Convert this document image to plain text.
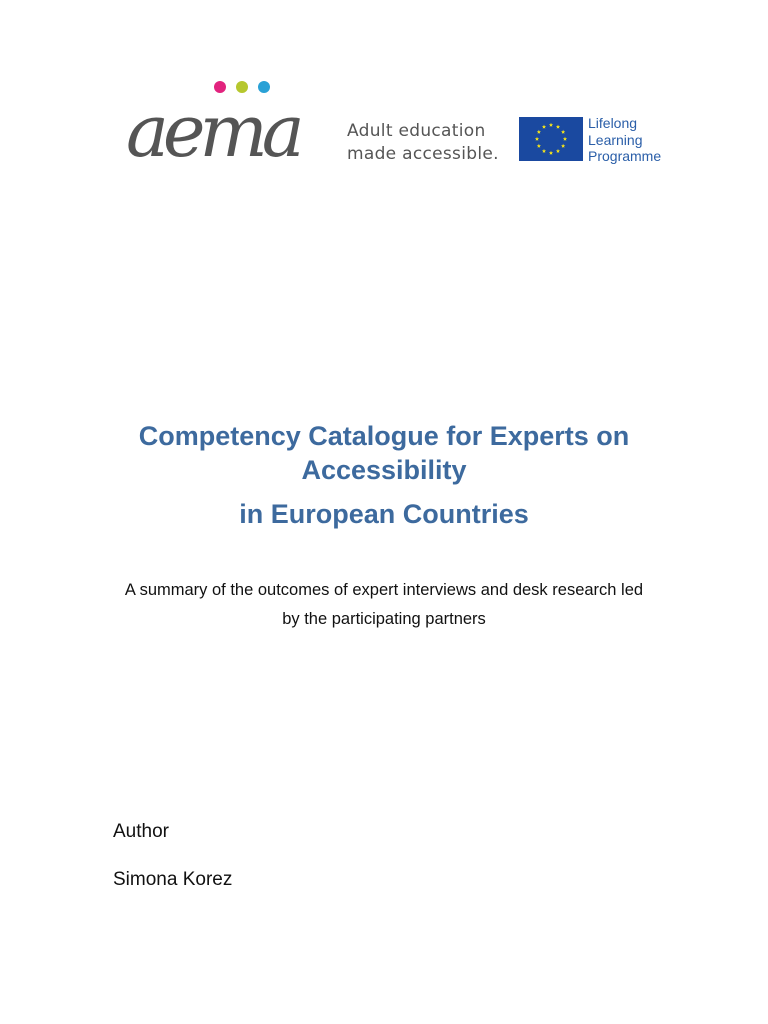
aema	Adult education
made accessible.
Lifelong
Learning
Programme
Competency Catalogue for Experts on
Accessibility
in European Countries
A summary of the outcomes of expert interviews and desk research led
by the participating partners
Author
Simona Korez
